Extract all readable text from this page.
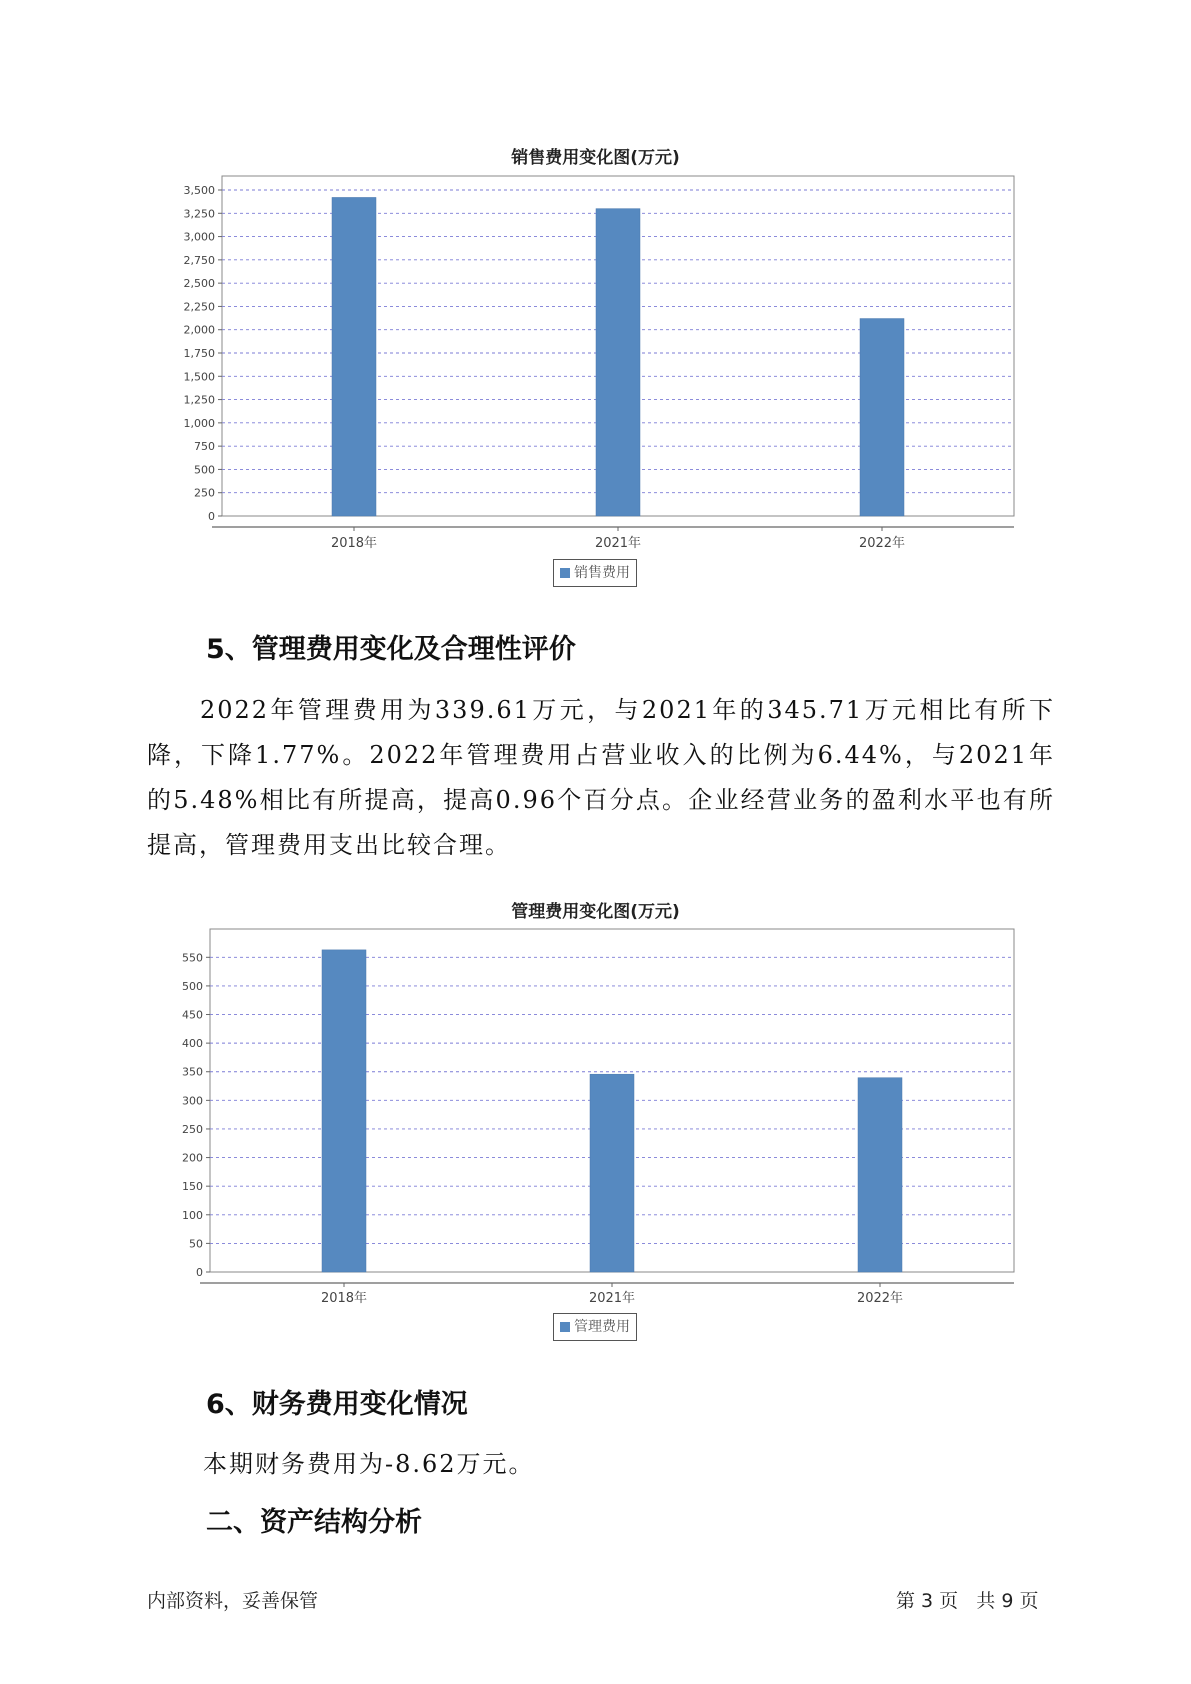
销售费用变化图(万元)
0
250
500
750
1,000
1,250
1,500
1,750
2,000
2,250
2,500
2,750
3,000
3,250
3,500
2018年	2021年	2022年
销售费用
5、管理费用变化及合理性评价

2022年管理费用为339.61万元，与2021年的345.71万元相比有所下降，下降1.77%。2022年管理费用占营业收入的比例为6.44%，与2021年的5.48%相比有所提高，提高0.96个百分点。企业经营业务的盈利水平也有所提高，管理费用支出比较合理。

管理费用变化图(万元)
0
50
100
150
200
250
300
350
400
450
500
550
2018年	2021年	2022年
管理费用
6、财务费用变化情况

本期财务费用为-8.62万元。

二、资产结构分析
内部资料，妥善保管	第 3 页   共 9 页
